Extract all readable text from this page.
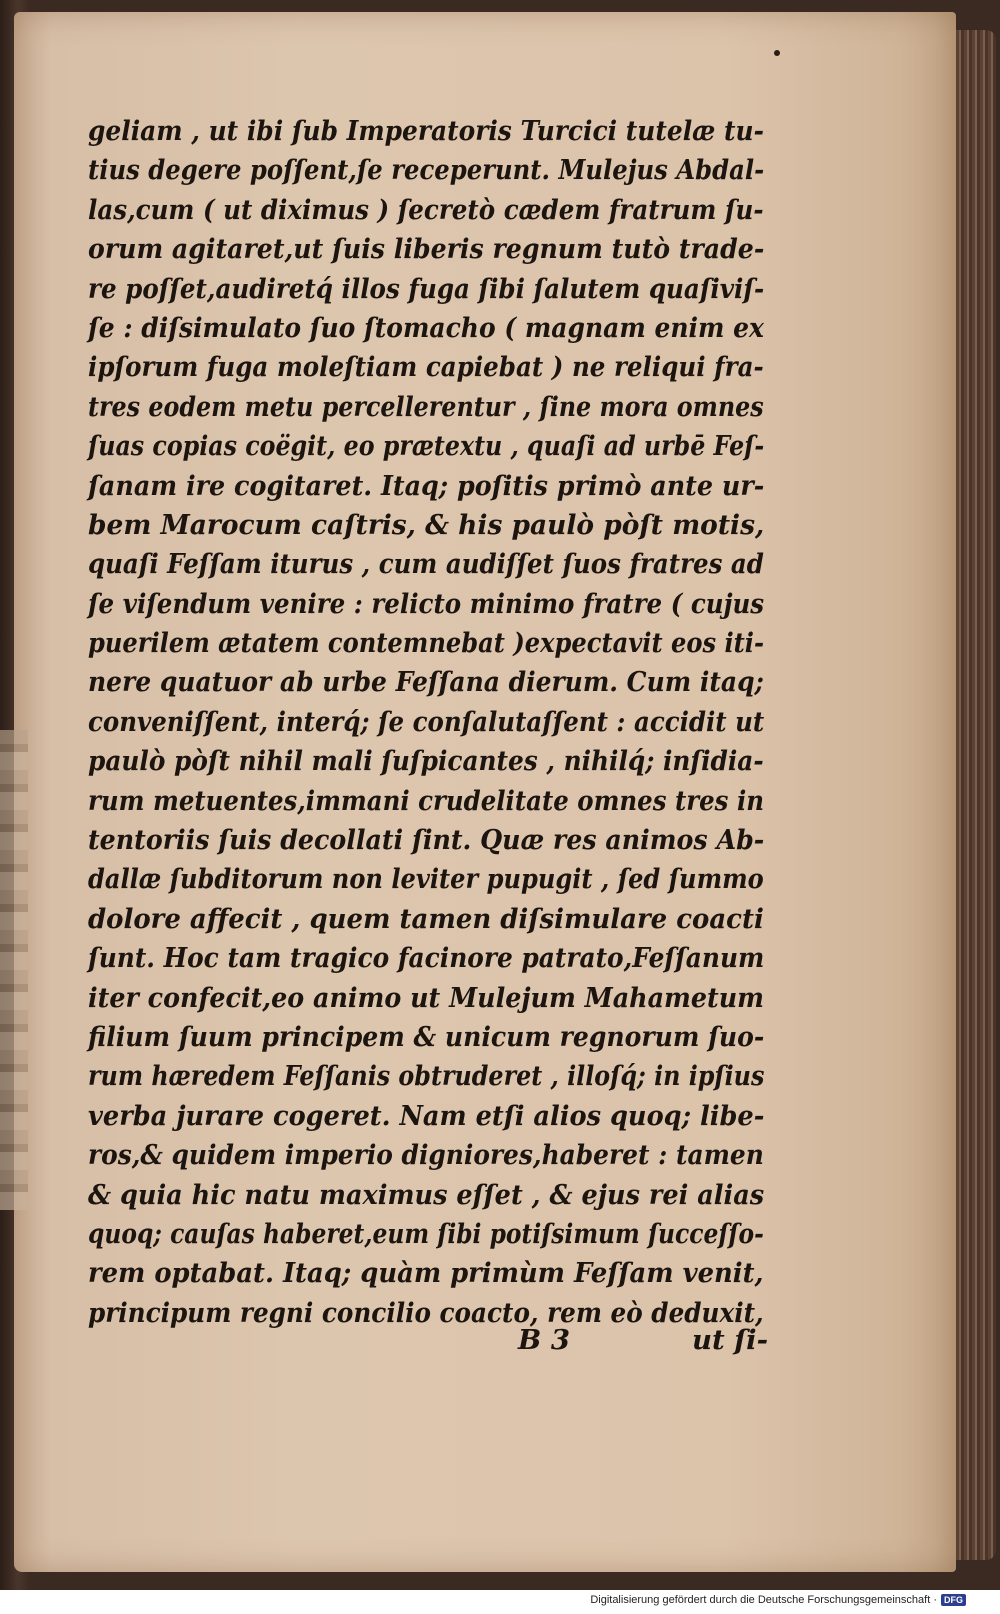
geliam , ut ibi ſub Imperatoris Turcici tutelæ tu-
tius degere poſſent,ſe receperunt. Mulejus Abdal-
las,cum ( ut diximus ) ſecretò cædem fratrum ſu-
orum agitaret,ut ſuis liberis regnum tutò trade-
re poſſet,audiretq́ illos fuga ſibi ſalutem quaſiviſ-
ſe : diſsimulato ſuo ſtomacho ( magnam enim ex
ipſorum fuga moleſtiam capiebat ) ne reliqui fra-
tres eodem metu percellerentur , ſine mora omnes
ſuas copias coëgit, eo prætextu , quaſi ad urbē Feſ-
ſanam ire cogitaret. Itaq; poſitis primò ante ur-
bem Marocum caſtris, & his paulò pòſt motis,
quaſi Feſſam iturus , cum audiſſet ſuos fratres ad
ſe viſendum venire : relicto minimo fratre ( cujus
puerilem ætatem contemnebat )expectavit eos iti-
nere quatuor ab urbe Feſſana dierum. Cum itaq;
conveniſſent, interq́; ſe conſalutaſſent : accidit ut
paulò pòſt nihil mali ſuſpicantes , nihilq́; inſidia-
rum metuentes,immani crudelitate omnes tres in
tentoriis ſuis decollati ſint. Quæ res animos Ab-
dallæ ſubditorum non leviter pupugit , ſed ſummo
dolore affecit , quem tamen diſsimulare coacti
ſunt. Hoc tam tragico facinore patrato,Feſſanum
iter confecit,eo animo ut Mulejum Mahametum
filium ſuum principem & unicum regnorum ſuo-
rum hæredem Feſſanis obtruderet , illoſq́; in ipſius
verba jurare cogeret. Nam etſi alios quoq; libe-
ros,& quidem imperio digniores,haberet : tamen
& quia hic natu maximus eſſet , & ejus rei alias
quoq; cauſas haberet,eum ſibi potiſsimum ſucceſſo-
rem optabat. Itaq; quàm primùm Feſſam venit,
principum regni concilio coacto, rem eò deduxit,
B 3	ut ſi-
Digitalisierung gefördert durch die Deutsche Forschungsgemeinschaft · DFG
